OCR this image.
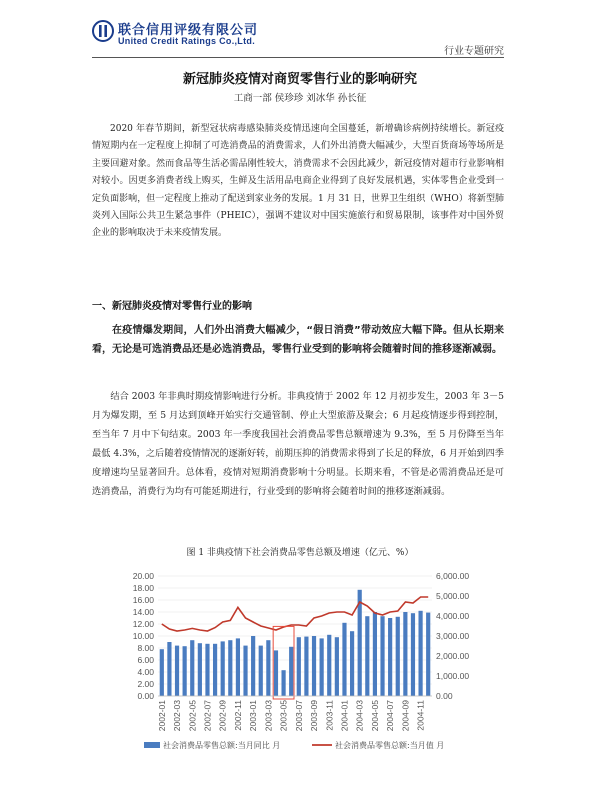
联合信用评级有限公司
United Credit Ratings Co.,Ltd.
行业专题研究
新冠肺炎疫情对商贸零售行业的影响研究
工商一部 侯珍珍 刘冰华 孙长征

2020 年春节期间，新型冠状病毒感染肺炎疫情迅速向全国蔓延，新增确诊病例持续增长。新冠疫情短期内在一定程度上抑制了可选消费品的消费需求，人们外出消费大幅减少，大型百货商场等场所是主要回避对象。然而食品等生活必需品刚性较大，消费需求不会因此减少，新冠疫情对超市行业影响相对较小。因更多消费者线上购买，生鲜及生活用品电商企业得到了良好发展机遇，实体零售企业受到一定负面影响，但一定程度上推动了配送到家业务的发展。1 月 31 日，世界卫生组织（WHO）将新型肺炎列入国际公共卫生紧急事件（PHEIC），强调不建议对中国实施旅行和贸易限制，该事件对中国外贸企业的影响取决于未来疫情发展。

一、新冠肺炎疫情对零售行业的影响

在疫情爆发期间，人们外出消费大幅减少，“假日消费”带动效应大幅下降。但从长期来看，无论是可选消费品还是必选消费品，零售行业受到的影响将会随着时间的推移逐渐减弱。

结合 2003 年非典时期疫情影响进行分析。非典疫情于 2002 年 12 月初步发生，2003 年 3－5 月为爆发期，至 5 月达到顶峰开始实行交通管制、停止大型旅游及聚会；6 月起疫情逐步得到控制，至当年 7 月中下旬结束。2003 年一季度我国社会消费品零售总额增速为 9.3%，至 5 月份降至当年最低 4.3%，之后随着疫情情况的逐渐好转，前期压抑的消费需求得到了长足的释放，6 月开始到四季度增速均呈显著回升。总体看，疫情对短期消费影响十分明显。长期来看，不管是必需消费品还是可选消费品，消费行为均有可能延期进行，行业受到的影响将会随着时间的推移逐渐减弱。

图 1 非典疫情下社会消费品零售总额及增速（亿元、%）
20.00
18.00
16.00
14.00
12.00
10.00
8.00
6.00
4.00
2.00
0.00
6,000.00
5,000.00
4,000.00
3,000.00
2,000.00
1,000.00
0.00
2002-01 2002-03 2002-05 2002-07 2002-09 2002-11 2003-01 2003-03 2003-05 2003-07 2003-09 2003-11 2004-01 2004-03 2004-05 2004-07 2004-09 2004-11
社会消费品零售总额:当月同比 月	社会消费品零售总额:当月值 月
